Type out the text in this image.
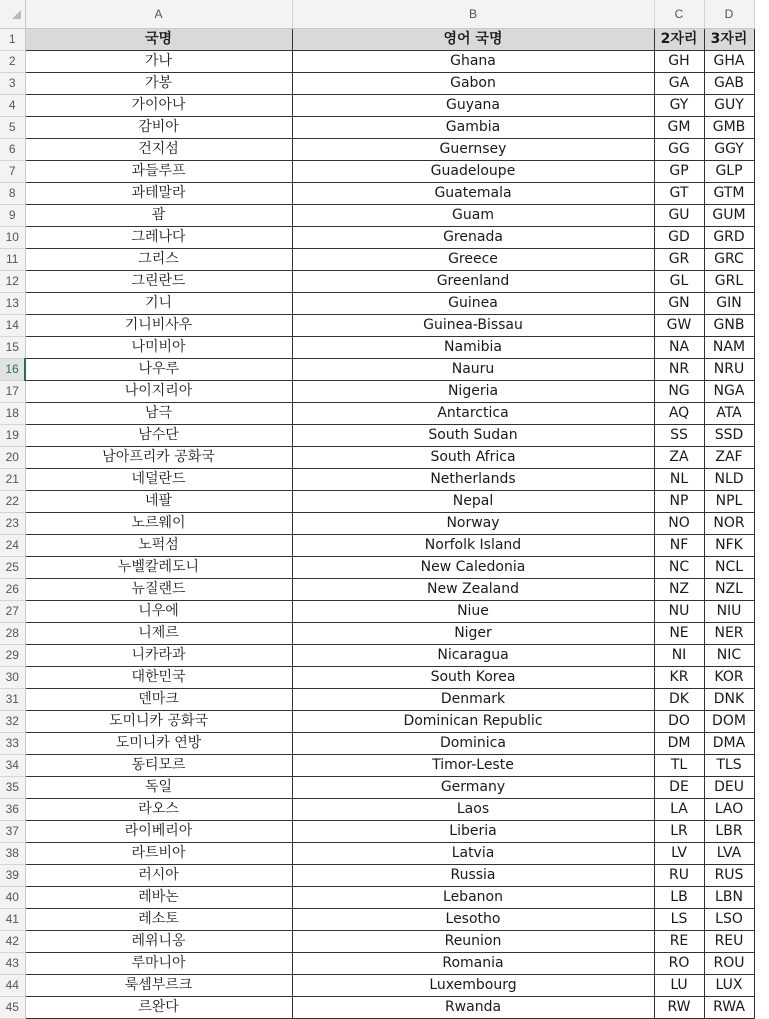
	A	B	C	D
1	국명	영어 국명	2자리	3자리
2	가나	Ghana	GH	GHA
3	가봉	Gabon	GA	GAB
4	가이아나	Guyana	GY	GUY
5	감비아	Gambia	GM	GMB
6	건지섬	Guernsey	GG	GGY
7	과들루프	Guadeloupe	GP	GLP
8	과테말라	Guatemala	GT	GTM
9	괌	Guam	GU	GUM
10	그레나다	Grenada	GD	GRD
11	그리스	Greece	GR	GRC
12	그린란드	Greenland	GL	GRL
13	기니	Guinea	GN	GIN
14	기니비사우	Guinea-Bissau	GW	GNB
15	나미비아	Namibia	NA	NAM
16	나우루	Nauru	NR	NRU
17	나이지리아	Nigeria	NG	NGA
18	남극	Antarctica	AQ	ATA
19	남수단	South Sudan	SS	SSD
20	남아프리카 공화국	South Africa	ZA	ZAF
21	네덜란드	Netherlands	NL	NLD
22	네팔	Nepal	NP	NPL
23	노르웨이	Norway	NO	NOR
24	노퍽섬	Norfolk Island	NF	NFK
25	누벨칼레도니	New Caledonia	NC	NCL
26	뉴질랜드	New Zealand	NZ	NZL
27	니우에	Niue	NU	NIU
28	니제르	Niger	NE	NER
29	니카라과	Nicaragua	NI	NIC
30	대한민국	South Korea	KR	KOR
31	덴마크	Denmark	DK	DNK
32	도미니카 공화국	Dominican Republic	DO	DOM
33	도미니카 연방	Dominica	DM	DMA
34	동티모르	Timor-Leste	TL	TLS
35	독일	Germany	DE	DEU
36	라오스	Laos	LA	LAO
37	라이베리아	Liberia	LR	LBR
38	라트비아	Latvia	LV	LVA
39	러시아	Russia	RU	RUS
40	레바논	Lebanon	LB	LBN
41	레소토	Lesotho	LS	LSO
42	레위니옹	Reunion	RE	REU
43	루마니아	Romania	RO	ROU
44	룩셈부르크	Luxembourg	LU	LUX
45	르완다	Rwanda	RW	RWA
